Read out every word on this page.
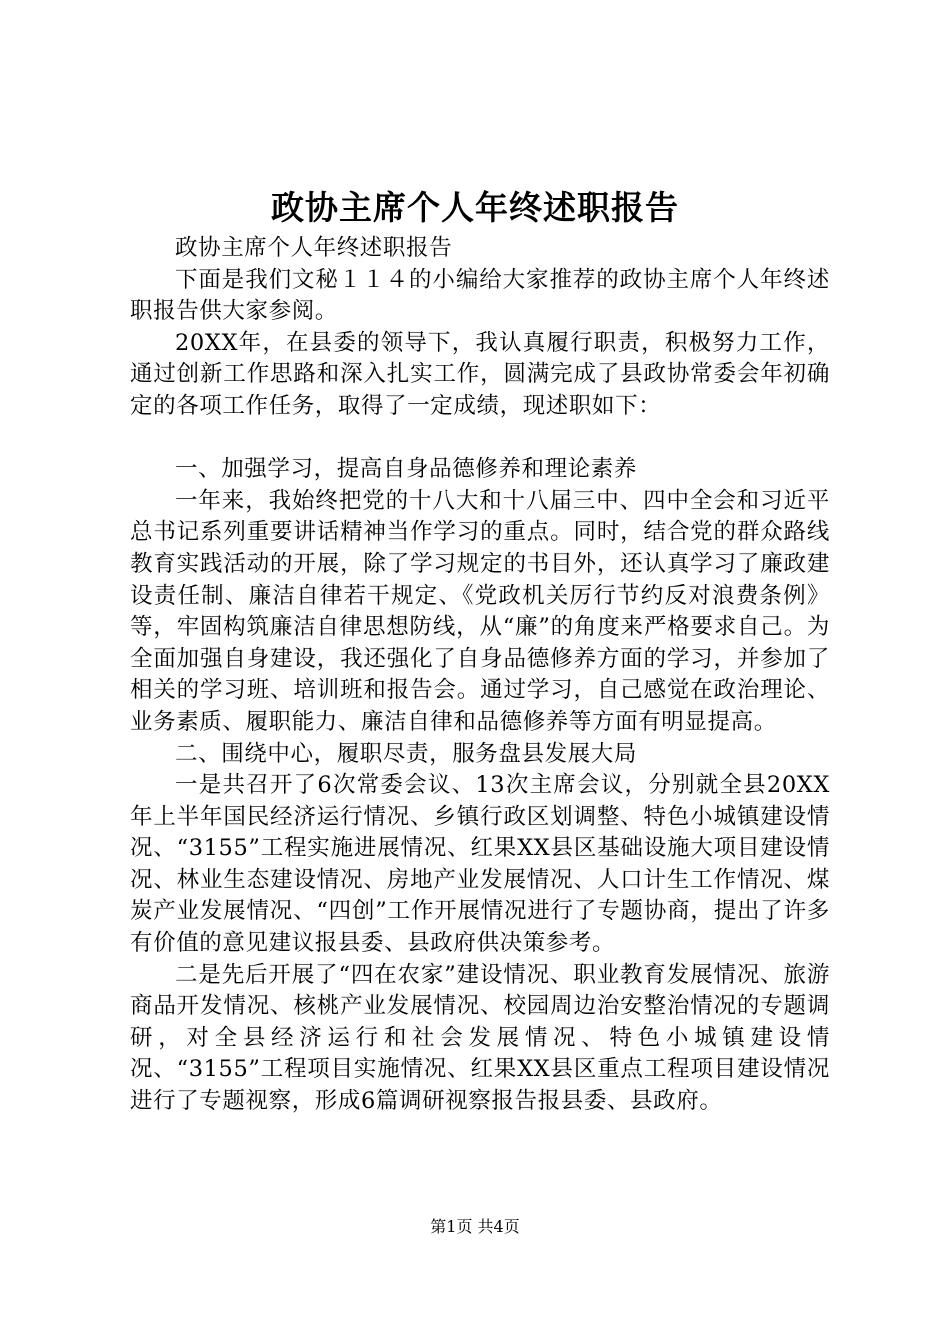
政协主席个人年终述职报告

政协主席个人年终述职报告

下面是我们文秘１１４的小编给大家推荐的政协主席个人年终述职报告供大家参阅。

20XX年，在县委的领导下，我认真履行职责，积极努力工作，通过创新工作思路和深入扎实工作，圆满完成了县政协常委会年初确定的各项工作任务，取得了一定成绩，现述职如下：

一、加强学习，提高自身品德修养和理论素养

一年来，我始终把党的十八大和十八届三中、四中全会和习近平总书记系列重要讲话精神当作学习的重点。同时，结合党的群众路线教育实践活动的开展，除了学习规定的书目外，还认真学习了廉政建设责任制、廉洁自律若干规定、《党政机关厉行节约反对浪费条例》等，牢固构筑廉洁自律思想防线，从“廉”的角度来严格要求自己。为全面加强自身建设，我还强化了自身品德修养方面的学习，并参加了相关的学习班、培训班和报告会。通过学习，自己感觉在政治理论、业务素质、履职能力、廉洁自律和品德修养等方面有明显提高。

二、围绕中心，履职尽责，服务盘县发展大局

一是共召开了6次常委会议、13次主席会议，分别就全县20XX年上半年国民经济运行情况、乡镇行政区划调整、特色小城镇建设情况、“3155”工程实施进展情况、红果XX县区基础设施大项目建设情况、林业生态建设情况、房地产业发展情况、人口计生工作情况、煤炭产业发展情况、“四创”工作开展情况进行了专题协商，提出了许多有价值的意见建议报县委、县政府供决策参考。

二是先后开展了“四在农家”建设情况、职业教育发展情况、旅游商品开发情况、核桃产业发展情况、校园周边治安整治情况的专题调研，对全县经济运行和社会发展情况、特色小城镇建设情况、“3155”工程项目实施情况、红果XX县区重点工程项目建设情况进行了专题视察，形成6篇调研视察报告报县委、县政府。

第1页 共4页
